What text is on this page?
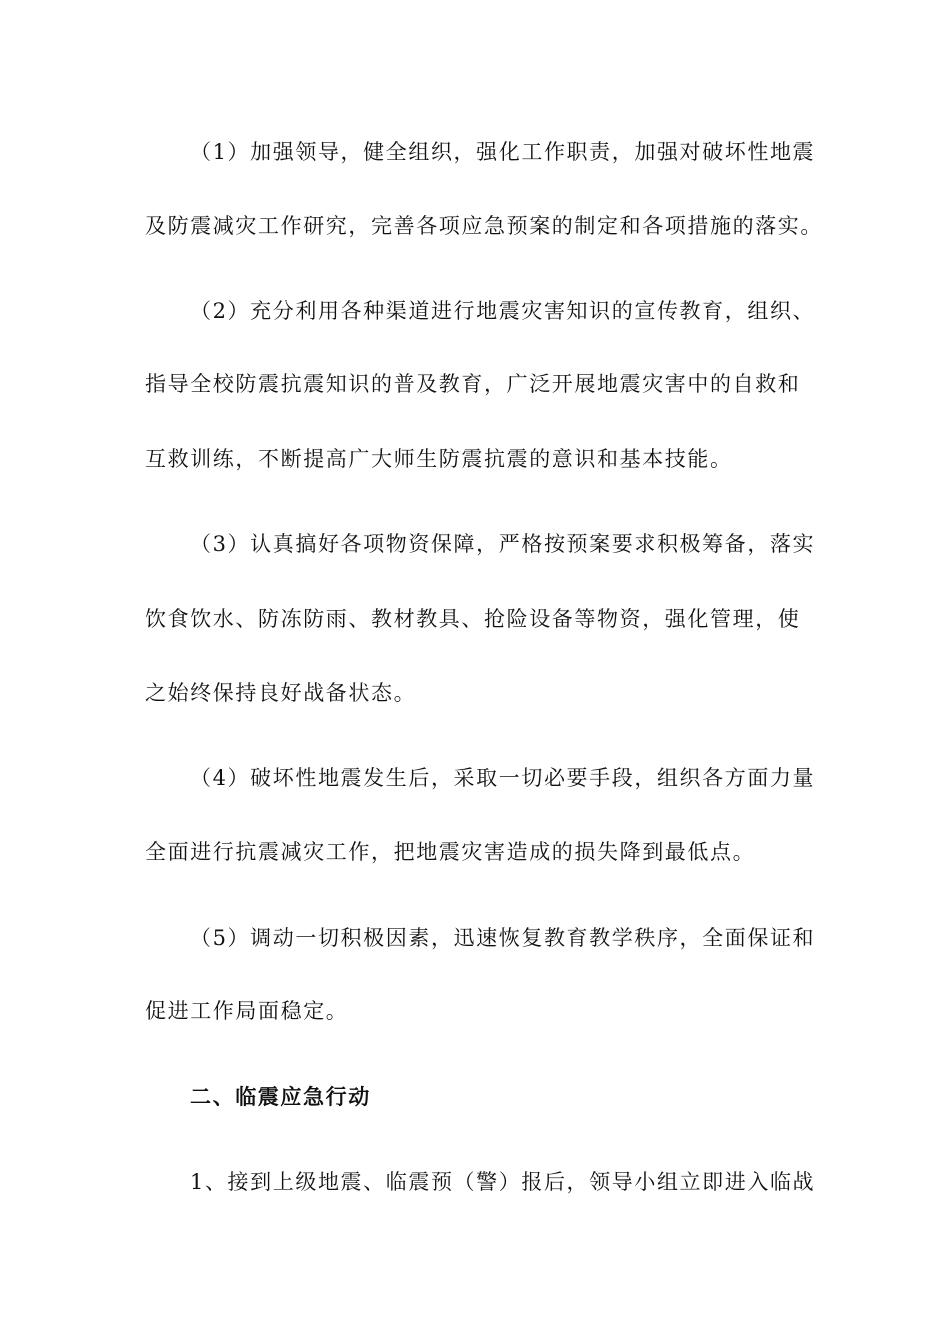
（1）加强领导，健全组织，强化工作职责，加强对破坏性地震
及防震减灾工作研究，完善各项应急预案的制定和各项措施的落实。
（2）充分利用各种渠道进行地震灾害知识的宣传教育，组织、
指导全校防震抗震知识的普及教育，广泛开展地震灾害中的自救和
互救训练，不断提高广大师生防震抗震的意识和基本技能。
（3）认真搞好各项物资保障，严格按预案要求积极筹备，落实
饮食饮水、防冻防雨、教材教具、抢险设备等物资，强化管理，使
之始终保持良好战备状态。
（4）破坏性地震发生后，采取一切必要手段，组织各方面力量
全面进行抗震减灾工作，把地震灾害造成的损失降到最低点。
（5）调动一切积极因素，迅速恢复教育教学秩序，全面保证和
促进工作局面稳定。
二、临震应急行动
1、接到上级地震、临震预（警）报后，领导小组立即进入临战
